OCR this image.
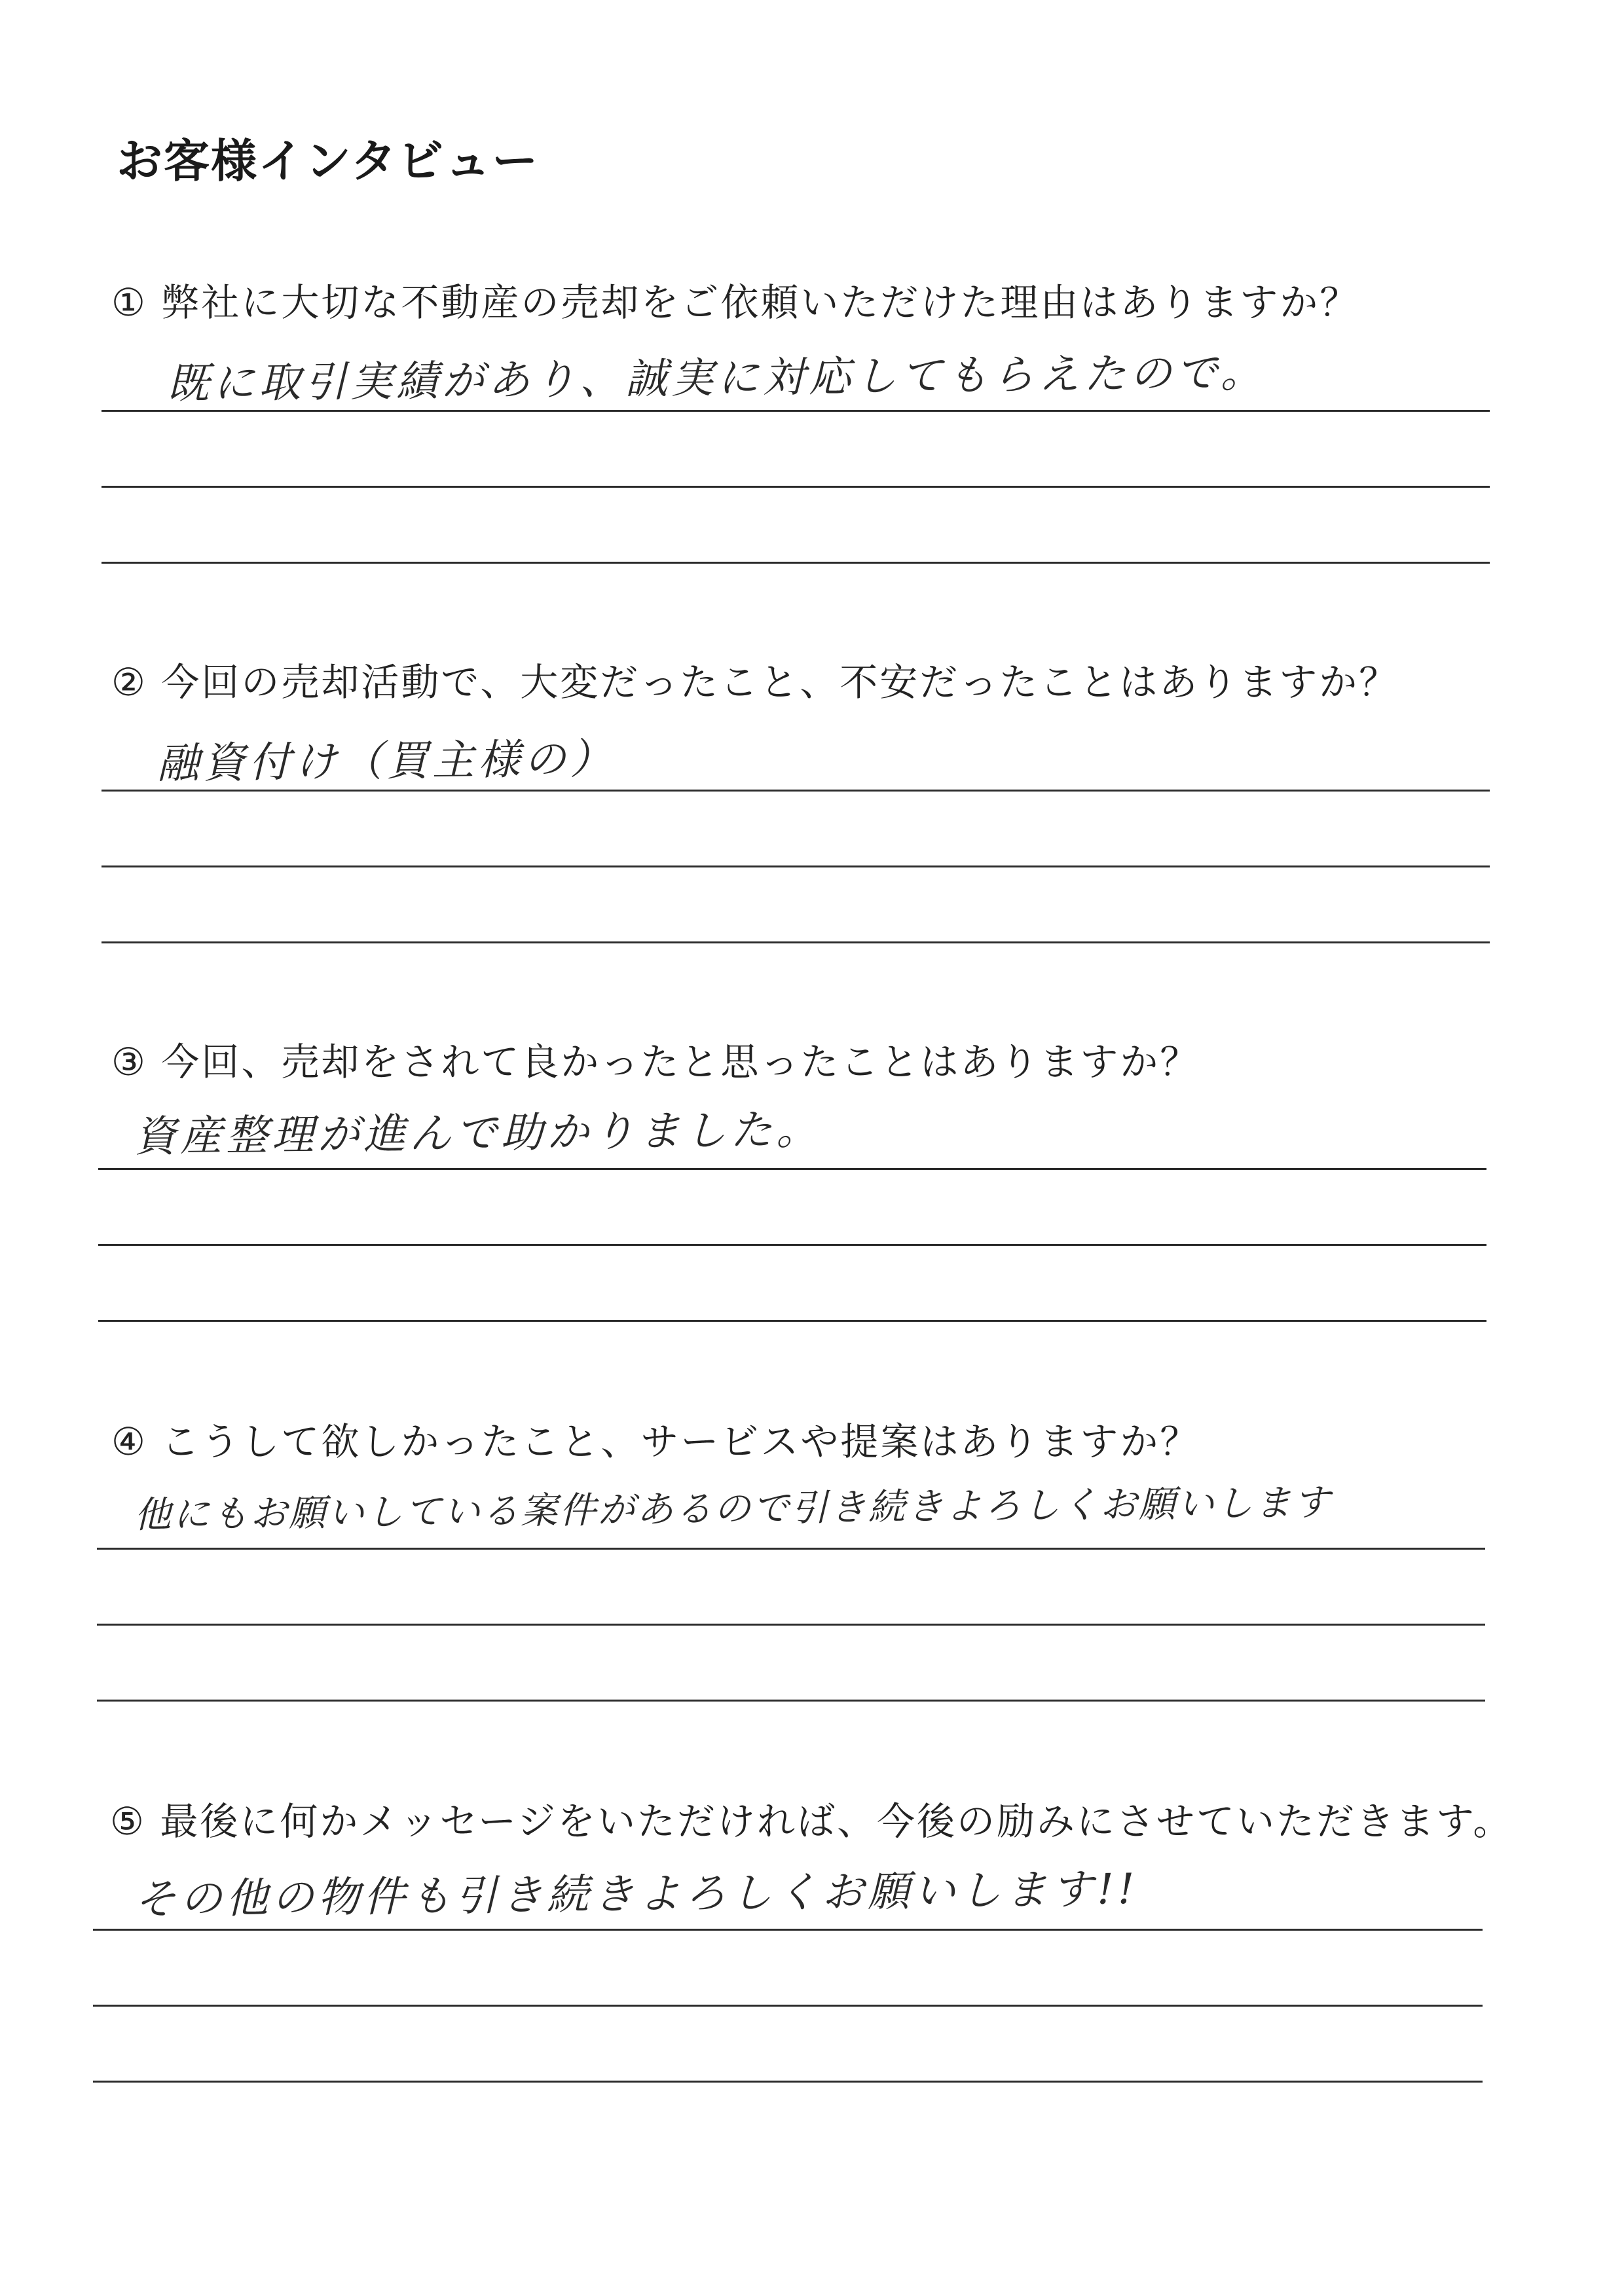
お客様インタビュー
① 弊社に大切な不動産の売却をご依頼いただけた理由はありますか？
既に取引実績があり、誠実に対応してもらえたので。
② 今回の売却活動で、大変だったこと、不安だったことはありますか？
融資付け（買主様の）
③ 今回、売却をされて良かったと思ったことはありますか？
資産整理が進んで助かりました。
④ こうして欲しかったこと、サービスや提案はありますか？
他にもお願いしている案件があるので引き続きよろしくお願いします
⑤ 最後に何かメッセージをいただければ、今後の励みにさせていただきます。
その他の物件も引き続きよろしくお願いします!!
